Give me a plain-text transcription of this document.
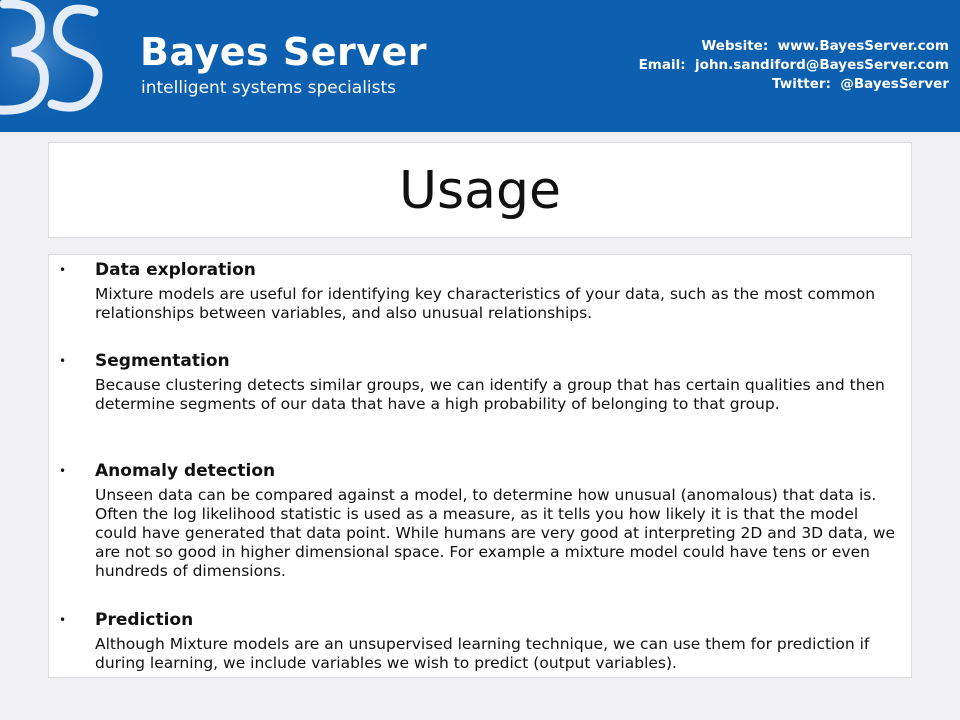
Bayes Server
intelligent systems specialists
Website: www.BayesServer.com
Email: john.sandiford@BayesServer.com
Twitter: @BayesServer
Usage
• Data exploration
Mixture models are useful for identifying key characteristics of your data, such as the most common relationships between variables, and also unusual relationships.
• Segmentation
Because clustering detects similar groups, we can identify a group that has certain qualities and then determine segments of our data that have a high probability of belonging to that group.
• Anomaly detection
Unseen data can be compared against a model, to determine how unusual (anomalous) that data is. Often the log likelihood statistic is used as a measure, as it tells you how likely it is that the model could have generated that data point. While humans are very good at interpreting 2D and 3D data, we are not so good in higher dimensional space. For example a mixture model could have tens or even hundreds of dimensions.
• Prediction
Although Mixture models are an unsupervised learning technique, we can use them for prediction if during learning, we include variables we wish to predict (output variables).
